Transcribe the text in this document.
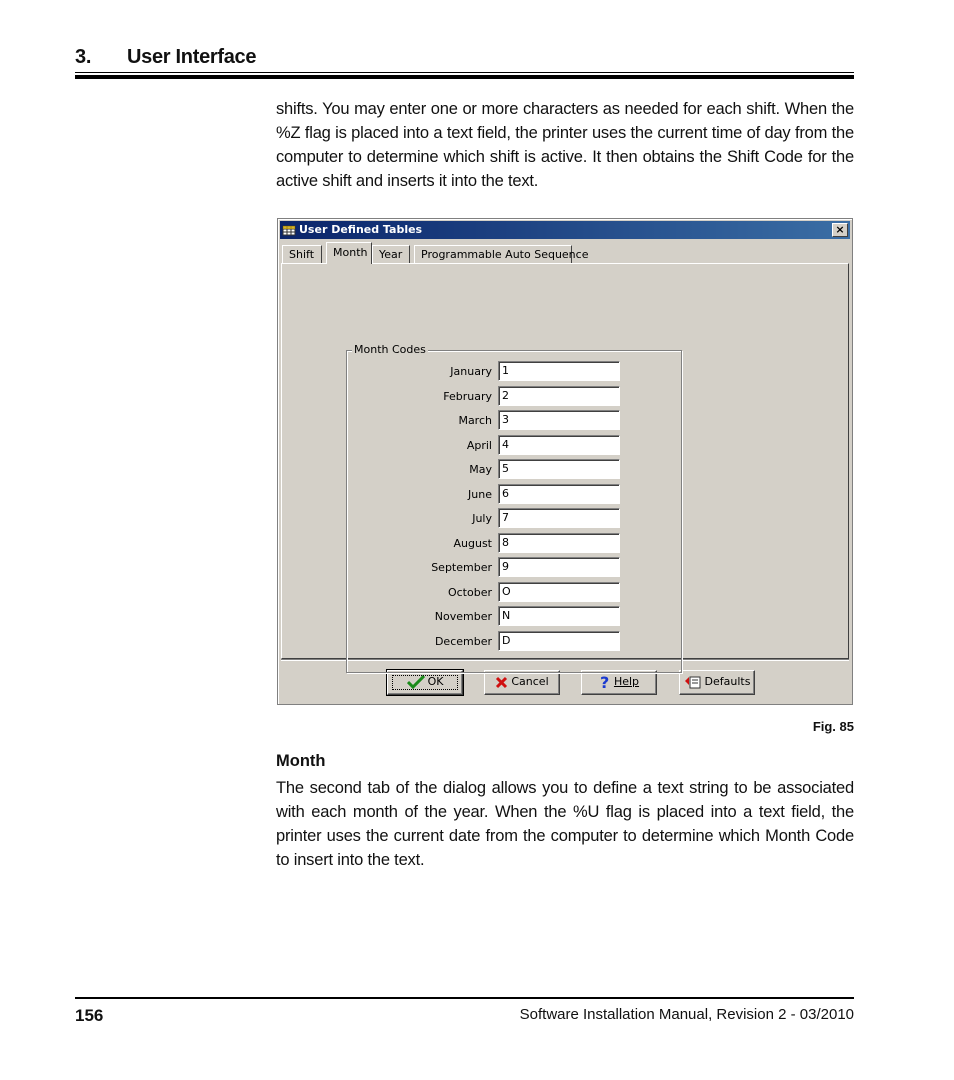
3. User Interface
shifts. You may enter one or more characters as needed for each shift. When the %Z flag is placed into a text field, the printer uses the current time of day from the computer to determine which shift is active. It then obtains the Shift Code for the active shift and inserts it into the text.
User Defined Tables	×
Shift	Month	Year	Programmable Auto Sequence
Month Codes
January 1
February 2
March 3
April 4
May 5
June 6
July 7
August 8
September 9
October O
November N
December D
OK	Cancel	? Help	Defaults
Fig. 85
Month
The second tab of the dialog allows you to define a text string to be associated with each month of the year. When the %U flag is placed into a text field, the printer uses the current date from the computer to determine which Month Code to insert into the text.
156	Software Installation Manual, Revision 2 - 03/2010
